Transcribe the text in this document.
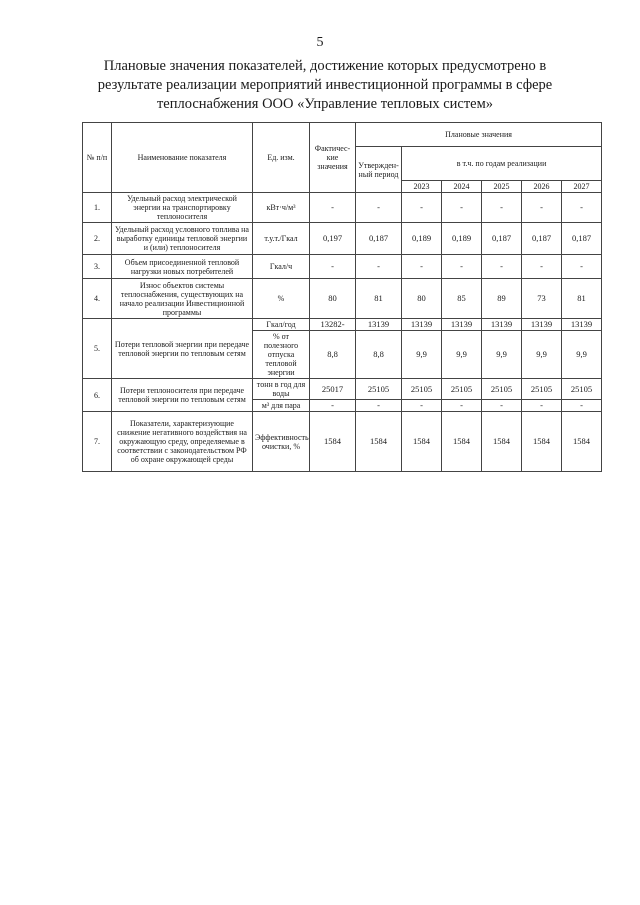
5
Плановые значения показателей, достижение которых предусмотрено в результате реализации мероприятий инвестиционной программы в сфере теплоснабжения ООО «Управление тепловых систем»
№ п/п	Наименование показателя	Ед. изм.	Фактичес-кие значения	Плановые значения					
				Утвержден-ный период	в т.ч. по годам реализации				
					2023	2024	2025	2026	2027
1.	Удельный расход электрической энергии на транспортировку теплоносителя	кВт·ч/м³	-	-	-	-	-	-	-
2.	Удельный расход условного топлива на выработку единицы тепловой энергии и (или) теплоносителя	т.у.т./Гкал	0,197	0,187	0,189	0,189	0,187	0,187	0,187
3.	Объем присоединенной тепловой нагрузки новых потребителей	Гкал/ч	-	-	-	-	-	-	-
4.	Износ объектов системы теплоснабжения, существующих на начало реализации Инвестиционной программы	%	80	81	80	85	89	73	81
5.	Потери тепловой энергии при передаче тепловой энергии по тепловым сетям	Гкал/год	13282-	13139	13139	13139	13139	13139	13139
		% от полезного отпуска тепловой энергии	8,8	8,8	9,9	9,9	9,9	9,9	9,9
6.	Потери теплоносителя при передаче тепловой энергии по тепловым сетям	тонн в год для воды	25017	25105	25105	25105	25105	25105	25105
		м³ для пара	-	-	-	-	-	-	-
7.	Показатели, характеризующие снижение негативного воздействия на окружающую среду, определяемые в соответствии с законодательством РФ об охране окружающей среды	Эффективность очистки, %	1584	1584	1584	1584	1584	1584	1584
